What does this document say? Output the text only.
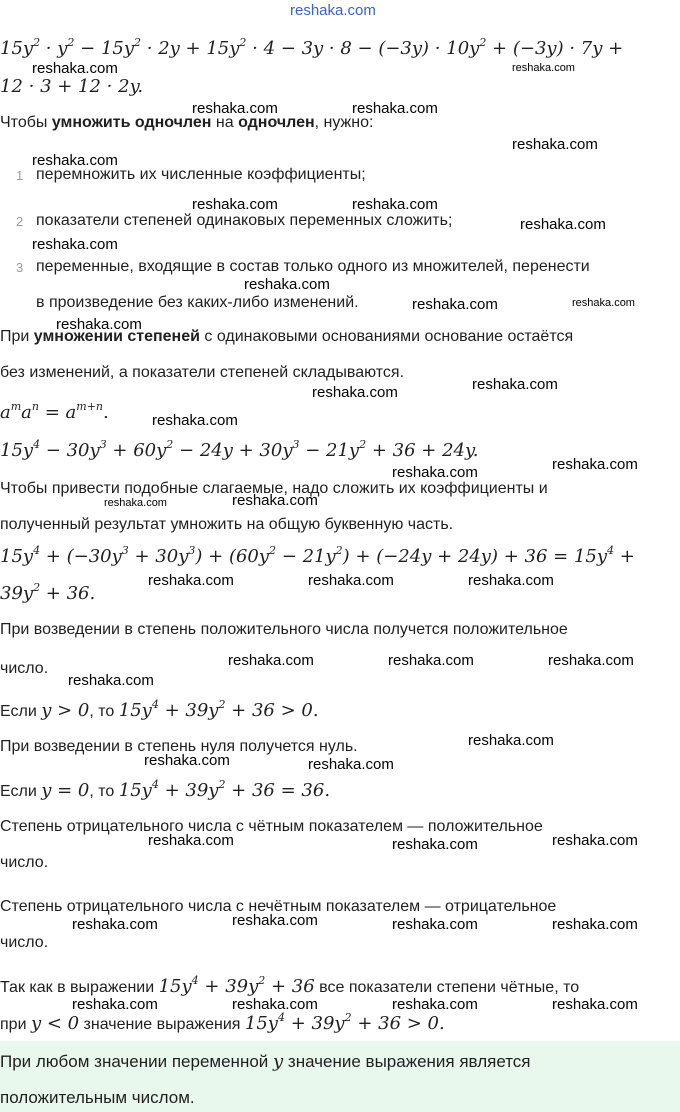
reshaka.com
$15y^2 \cdot y^2 - 15y^2 \cdot 2y + 15y^2 \cdot 4 - 3y \cdot 8 - (-3y) \cdot 10y^2 + (-3y) \cdot 7y$ +
12 · 3 + 12 · 2y.
Чтобы умножить одночлен на одночлен, нужно:
1 перемножить их численные коэффициенты;
2 показатели степеней одинаковых переменных сложить;
3 переменные, входящие в состав только одного из множителей, перенести
в произведение без каких-либо изменений.
При умножении степеней с одинаковыми основаниями основание остаётся
без изменений, а показатели степеней складываются.
$a^ma^n = a^{m+n}$.
$15y^4 - 30y^3 + 60y^2 - 24y + 30y^3 - 21y^2 + 36 + 24y$.
Чтобы привести подобные слагаемые, надо сложить их коэффициенты и
полученный результат умножить на общую буквенную часть.
$15y^4 + (-30y^3 + 30y^3) + (60y^2 - 21y^2) + (-24y + 24y) + 36 = 15y^4$ +
$39y^2 + 36$.
При возведении в степень положительного числа получется положительное
число.
Если y > 0, то $15y^4 + 39y^2 + 36 > 0$.
При возведении в степень нуля получется нуль.
Если y = 0, то $15y^4 + 39y^2 + 36 = 36$.
Степень отрицательного числа с чётным показателем — положительное
число.
Степень отрицательного числа с нечётным показателем — отрицательное
число.
Так как в выражении $15y^4 + 39y^2 + 36$ все показатели степени чётные, то
при y < 0 значение выражения $15y^4 + 39y^2 + 36 > 0$.
При любом значении переменной y значение выражения является
положительным числом.
reshaka.com	reshaka.com
reshaka.com	reshaka.com
reshaka.com
reshaka.com
reshaka.com	reshaka.com
reshaka.com
reshaka.com
reshaka.com
reshaka.com	reshaka.com
reshaka.com
reshaka.com
reshaka.com
reshaka.com
reshaka.com
reshaka.com
reshaka.com
reshaka.com
reshaka.com	reshaka.com	reshaka.com
reshaka.com	reshaka.com	reshaka.com
reshaka.com
reshaka.com
reshaka.com	reshaka.com
reshaka.com	reshaka.com	reshaka.com
reshaka.com
reshaka.com	reshaka.com	reshaka.com
reshaka.com	reshaka.com	reshaka.com	reshaka.com
